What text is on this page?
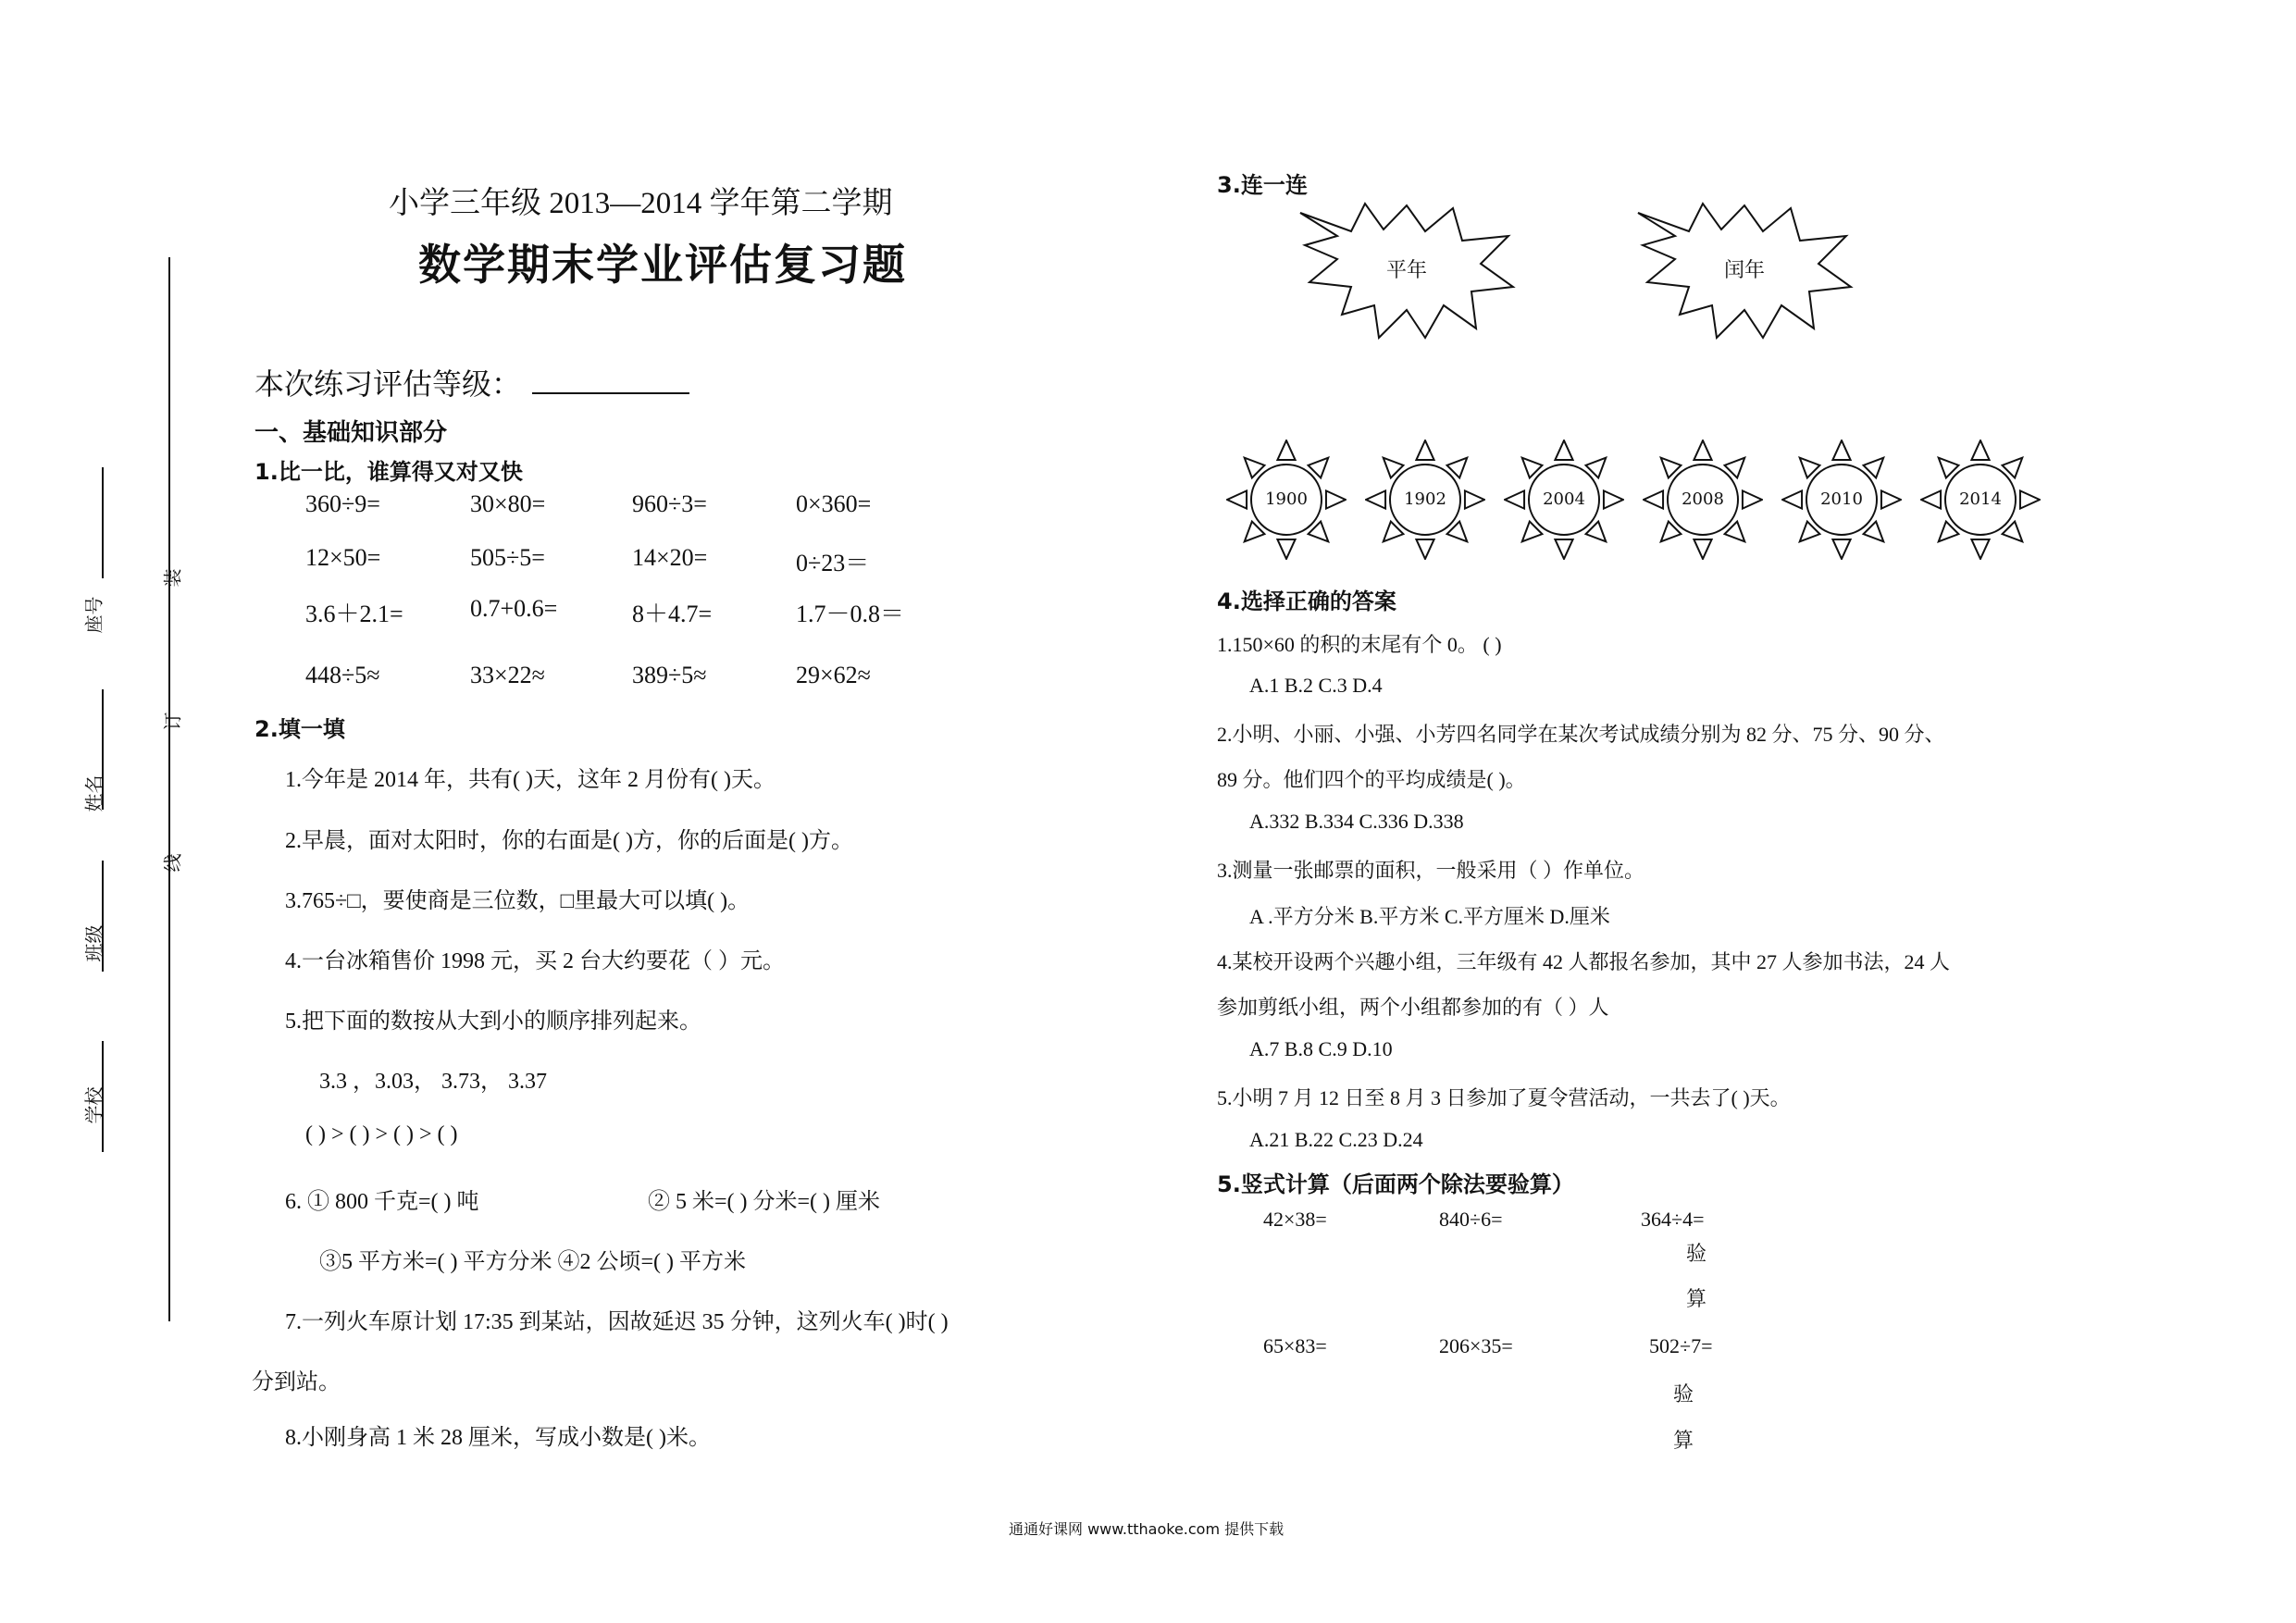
座号
姓名
班级
学校
装
订
线
小学三年级 2013—2014 学年第二学期
数学期末学业评估复习题
本次练习评估等级：
一、基础知识部分
1.比一比，谁算得又对又快
360÷9=	30×80=	960÷3=	0×360=
12×50=	505÷5=	14×20=	0÷23＝
3.6＋2.1=	0.7+0.6=	8＋4.7=	1.7－0.8＝
448÷5≈	33×22≈	389÷5≈	29×62≈
2.填一填
1.今年是 2014 年，共有( )天，这年 2 月份有( )天。
2.早晨，面对太阳时，你的右面是( )方，你的后面是( )方。
3.765÷□，要使商是三位数，□里最大可以填( )。
4.一台冰箱售价 1998 元，买 2 台大约要花（ ）元。
5.把下面的数按从大到小的顺序排列起来。
3.3 ，3.03， 3.73， 3.37
( ) > ( ) > ( ) > ( )
6. ① 800 千克=( ) 吨	② 5 米=( ) 分米=( ) 厘米
③5 平方米=( ) 平方分米 ④2 公顷=( ) 平方米
7.一列火车原计划 17:35 到某站，因故延迟 35 分钟，这列火车( )时( )
分到站。
8.小刚身高 1 米 28 厘米，写成小数是( )米。
3.连一连
平年	闰年
1900	1902	2004	2008	2010	2014
4.选择正确的答案
1.150×60 的积的末尾有个 0。 ( )
A.1 B.2 C.3 D.4
2.小明、小丽、小强、小芳四名同学在某次考试成绩分别为 82 分、75 分、90 分、
89 分。他们四个的平均成绩是( )。
A.332 B.334 C.336 D.338
3.测量一张邮票的面积，一般采用（ ）作单位。
A .平方分米 B.平方米 C.平方厘米 D.厘米
4.某校开设两个兴趣小组，三年级有 42 人都报名参加，其中 27 人参加书法，24 人
参加剪纸小组，两个小组都参加的有（ ）人
A.7 B.8 C.9 D.10
5.小明 7 月 12 日至 8 月 3 日参加了夏令营活动，一共去了( )天。
A.21 B.22 C.23 D.24
5.竖式计算（后面两个除法要验算）
42×38=	840÷6=	364÷4=
验
算
65×83=	206×35=	502÷7=
验
算
通通好课网 www.tthaoke.com 提供下载
